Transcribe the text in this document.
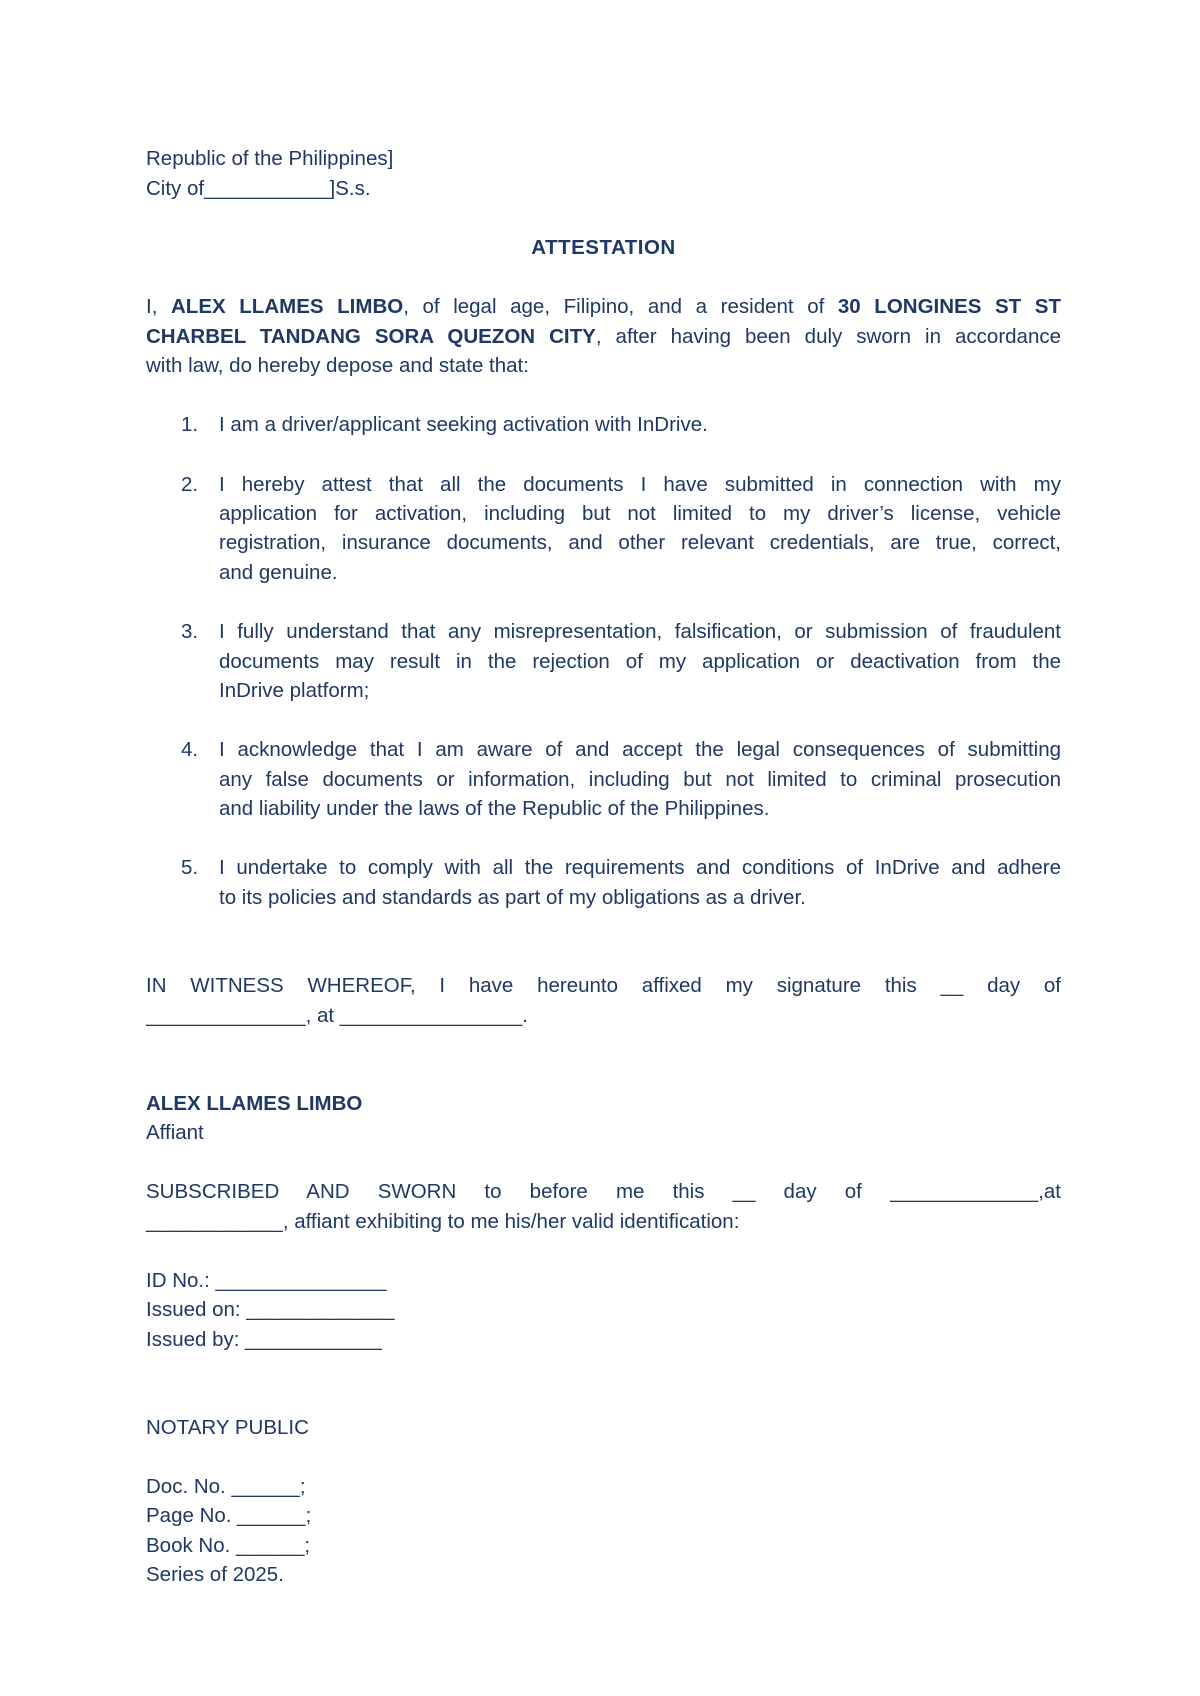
Republic of the Philippines]
City of___________]S.s.
ATTESTATION
I, ALEX LLAMES LIMBO, of legal age, Filipino, and a resident of 30 LONGINES ST ST
CHARBEL TANDANG SORA QUEZON CITY, after having been duly sworn in accordance
with law, do hereby depose and state that:
1. I am a driver/applicant seeking activation with InDrive.
2. I hereby attest that all the documents I have submitted in connection with my
application for activation, including but not limited to my driver’s license, vehicle
registration, insurance documents, and other relevant credentials, are true, correct,
and genuine.
3. I fully understand that any misrepresentation, falsification, or submission of fraudulent
documents may result in the rejection of my application or deactivation from the
InDrive platform;
4. I acknowledge that I am aware of and accept the legal consequences of submitting
any false documents or information, including but not limited to criminal prosecution
and liability under the laws of the Republic of the Philippines.
5. I undertake to comply with all the requirements and conditions of InDrive and adhere
to its policies and standards as part of my obligations as a driver.
IN WITNESS WHEREOF, I have hereunto affixed my signature this __ day of
______________, at ________________.
ALEX LLAMES LIMBO
Affiant
SUBSCRIBED AND SWORN to before me this __ day of _____________,at
____________, affiant exhibiting to me his/her valid identification:
ID No.: _______________
Issued on: _____________
Issued by: ____________
NOTARY PUBLIC
Doc. No. ______;
Page No. ______;
Book No. ______;
Series of 2025.
